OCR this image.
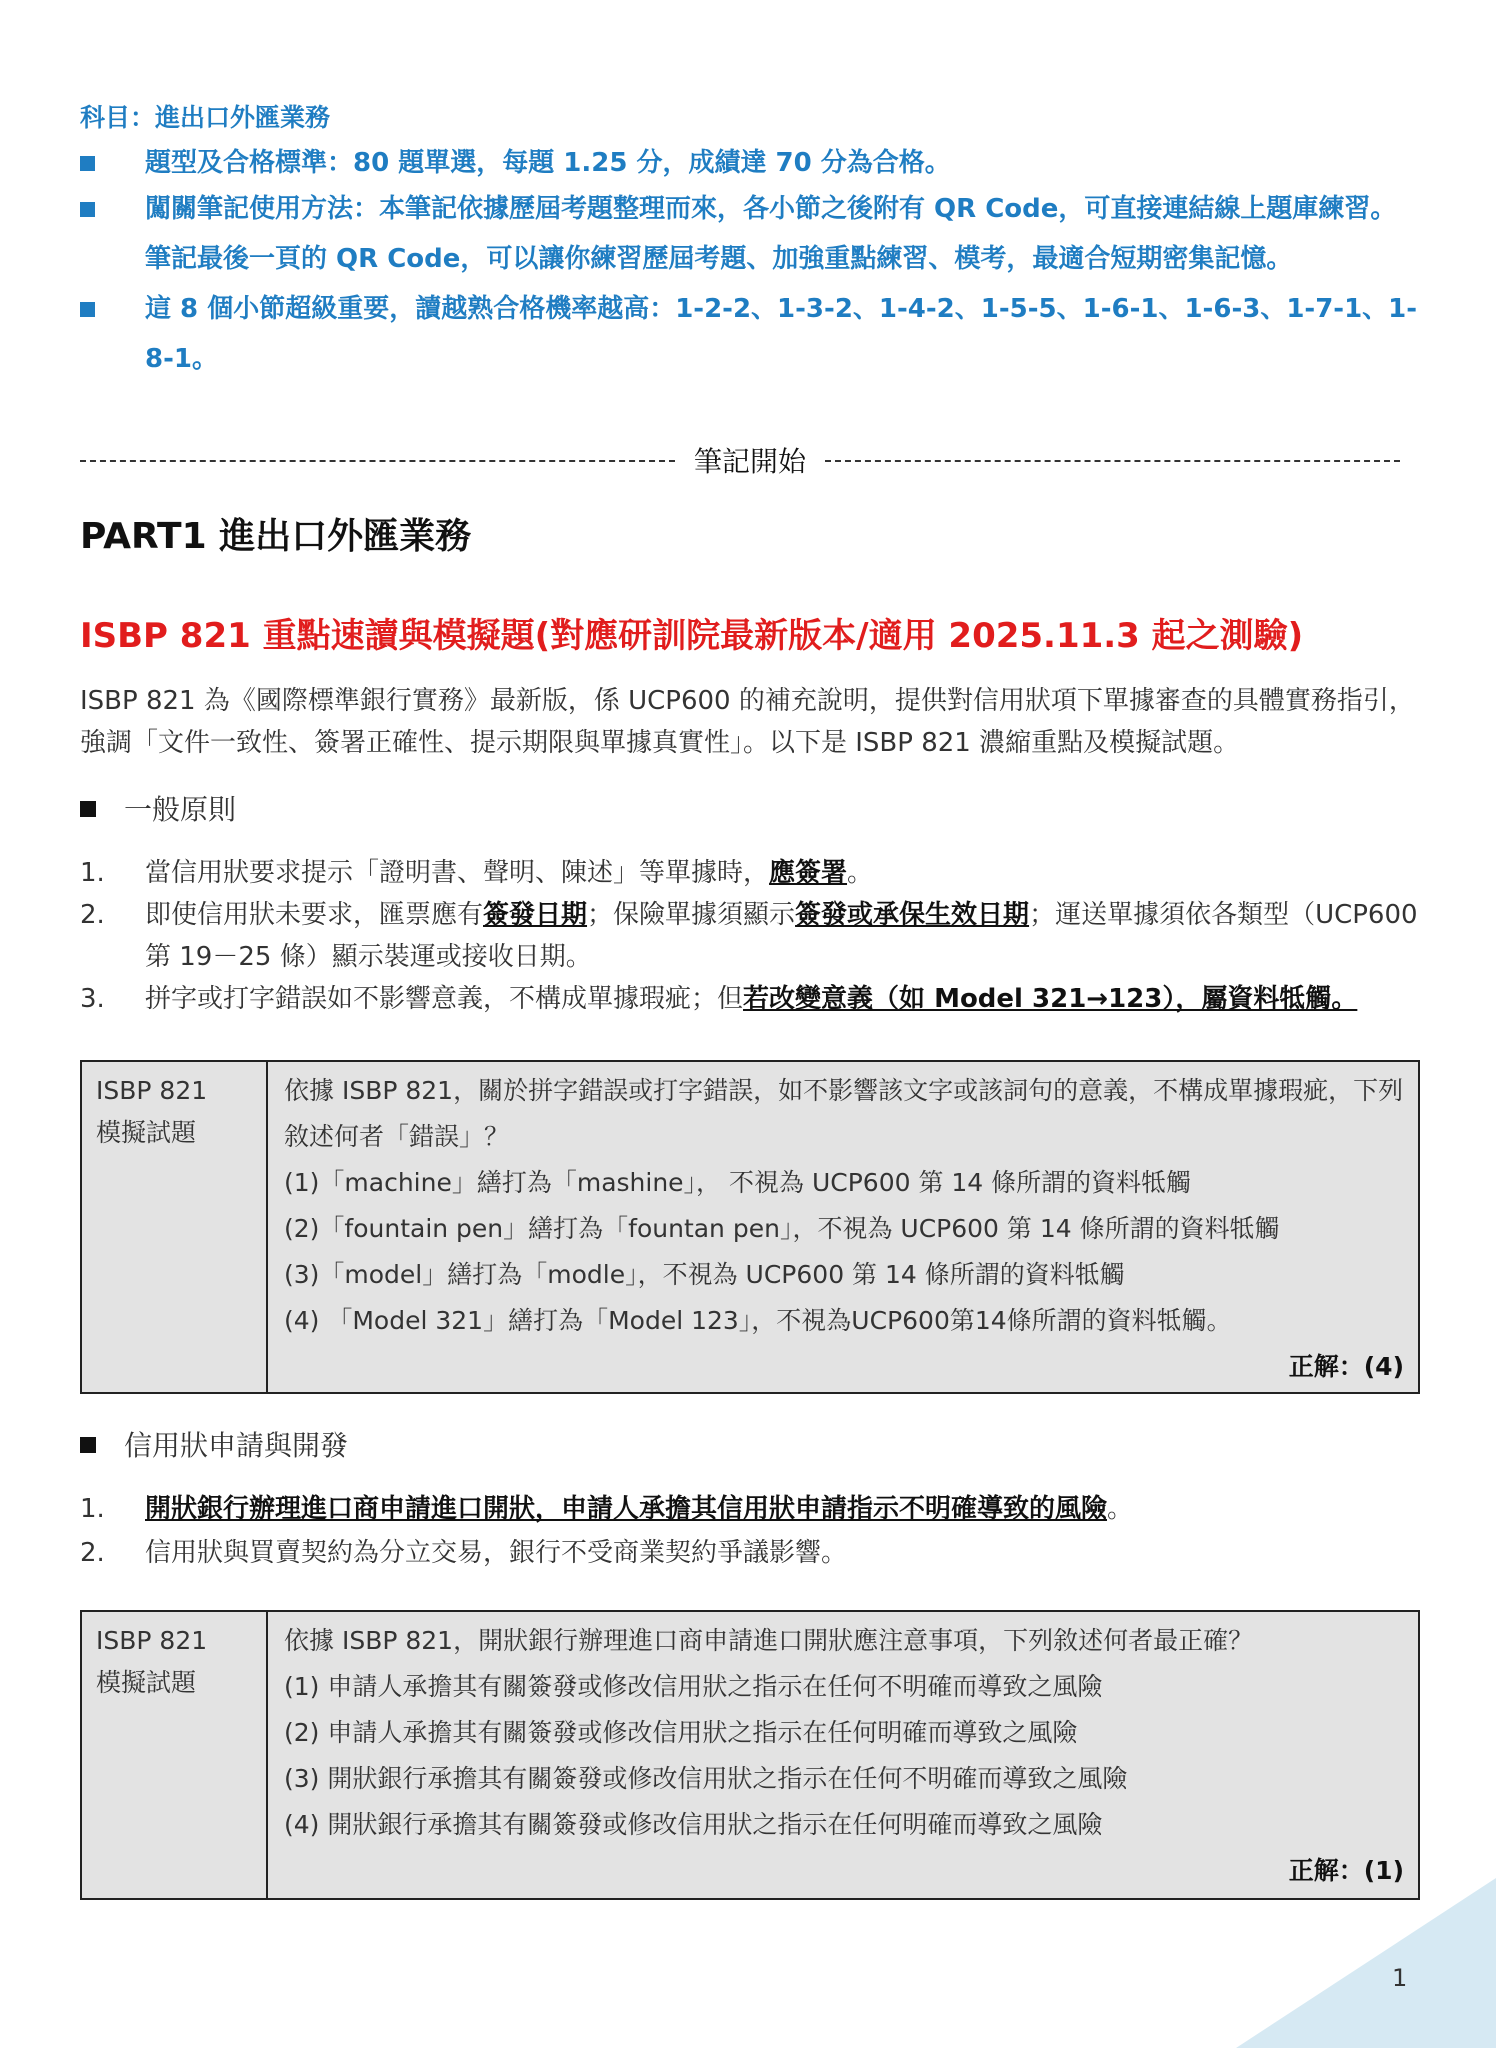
科目：進出口外匯業務
題型及合格標準：80 題單選，每題 1.25 分，成績達 70 分為合格。
闖關筆記使用方法：本筆記依據歷屆考題整理而來，各小節之後附有 QR Code，可直接連結線上題庫練習。筆記最後一頁的 QR Code，可以讓你練習歷屆考題、加強重點練習、模考，最適合短期密集記憶。
這 8 個小節超級重要，讀越熟合格機率越高：1-2-2、1-3-2、1-4-2、1-5-5、1-6-1、1-6-3、1-7-1、1-8-1。
筆記開始
PART1 進出口外匯業務
ISBP 821 重點速讀與模擬題(對應研訓院最新版本/適用 2025.11.3 起之測驗)
ISBP 821 為《國際標準銀行實務》最新版，係 UCP600 的補充說明，提供對信用狀項下單據審查的具體實務指引，強調「文件一致性、簽署正確性、提示期限與單據真實性」。以下是 ISBP 821 濃縮重點及模擬試題。
一般原則
1. 當信用狀要求提示「證明書、聲明、陳述」等單據時，應簽署。
2. 即使信用狀未要求，匯票應有簽發日期；保險單據須顯示簽發或承保生效日期；運送單據須依各類型（UCP600 第 19－25 條）顯示裝運或接收日期。
3. 拼字或打字錯誤如不影響意義，不構成單據瑕疵；但若改變意義（如 Model 321→123），屬資料牴觸。
ISBP 821
模擬試題
依據 ISBP 821，關於拼字錯誤或打字錯誤，如不影響該文字或該詞句的意義，不構成單據瑕疵，下列敘述何者「錯誤」？
(1)「machine」繕打為「mashine」， 不視為 UCP600 第 14 條所謂的資料牴觸
(2)「fountain pen」繕打為「fountan pen」，不視為 UCP600 第 14 條所謂的資料牴觸
(3)「model」繕打為「modle」，不視為 UCP600 第 14 條所謂的資料牴觸
(4) 「Model 321」繕打為「Model 123」，不視為UCP600第14條所謂的資料牴觸。
正解：(4)
信用狀申請與開發
1. 開狀銀行辦理進口商申請進口開狀，申請人承擔其信用狀申請指示不明確導致的風險。
2. 信用狀與買賣契約為分立交易，銀行不受商業契約爭議影響。
ISBP 821
模擬試題
依據 ISBP 821，開狀銀行辦理進口商申請進口開狀應注意事項，下列敘述何者最正確？
(1) 申請人承擔其有關簽發或修改信用狀之指示在任何不明確而導致之風險
(2) 申請人承擔其有關簽發或修改信用狀之指示在任何明確而導致之風險
(3) 開狀銀行承擔其有關簽發或修改信用狀之指示在任何不明確而導致之風險
(4) 開狀銀行承擔其有關簽發或修改信用狀之指示在任何明確而導致之風險
正解：(1)
1
